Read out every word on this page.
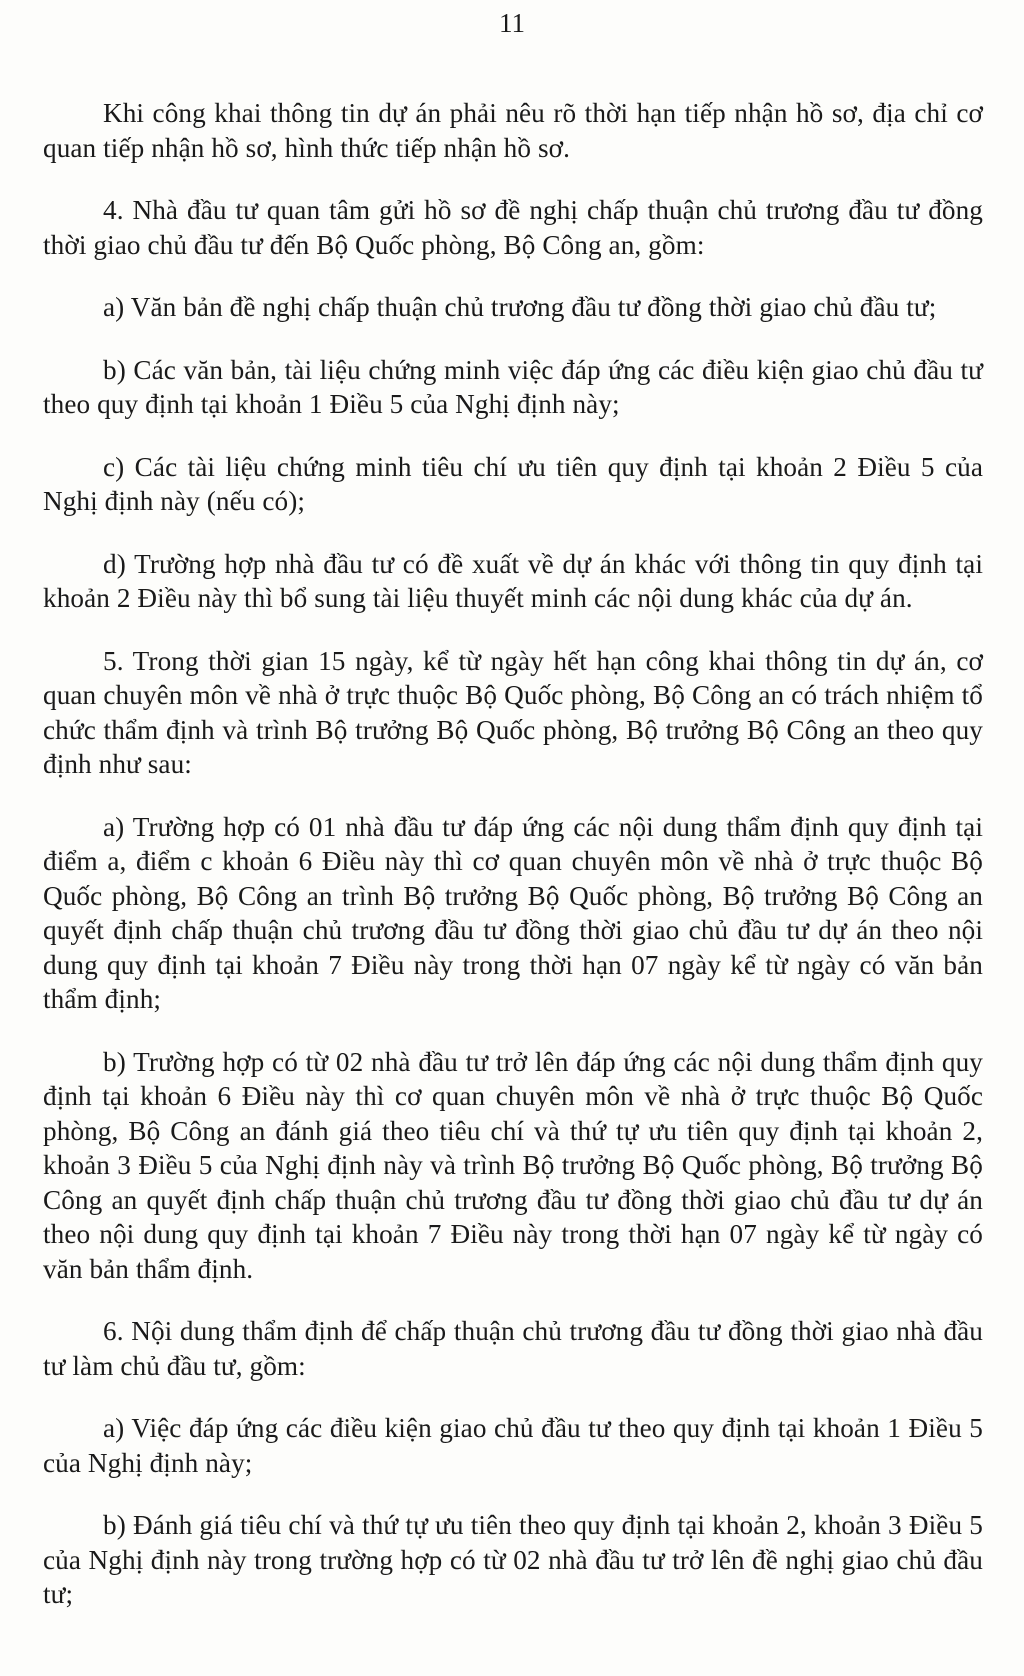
11

Khi công khai thông tin dự án phải nêu rõ thời hạn tiếp nhận hồ sơ, địa chỉ cơ quan tiếp nhận hồ sơ, hình thức tiếp nhận hồ sơ.

4. Nhà đầu tư quan tâm gửi hồ sơ đề nghị chấp thuận chủ trương đầu tư đồng thời giao chủ đầu tư đến Bộ Quốc phòng, Bộ Công an, gồm:

a) Văn bản đề nghị chấp thuận chủ trương đầu tư đồng thời giao chủ đầu tư;

b) Các văn bản, tài liệu chứng minh việc đáp ứng các điều kiện giao chủ đầu tư theo quy định tại khoản 1 Điều 5 của Nghị định này;

c) Các tài liệu chứng minh tiêu chí ưu tiên quy định tại khoản 2 Điều 5 của Nghị định này (nếu có);

d) Trường hợp nhà đầu tư có đề xuất về dự án khác với thông tin quy định tại khoản 2 Điều này thì bổ sung tài liệu thuyết minh các nội dung khác của dự án.

5. Trong thời gian 15 ngày, kể từ ngày hết hạn công khai thông tin dự án, cơ quan chuyên môn về nhà ở trực thuộc Bộ Quốc phòng, Bộ Công an có trách nhiệm tổ chức thẩm định và trình Bộ trưởng Bộ Quốc phòng, Bộ trưởng Bộ Công an theo quy định như sau:

a) Trường hợp có 01 nhà đầu tư đáp ứng các nội dung thẩm định quy định tại điểm a, điểm c khoản 6 Điều này thì cơ quan chuyên môn về nhà ở trực thuộc Bộ Quốc phòng, Bộ Công an trình Bộ trưởng Bộ Quốc phòng, Bộ trưởng Bộ Công an quyết định chấp thuận chủ trương đầu tư đồng thời giao chủ đầu tư dự án theo nội dung quy định tại khoản 7 Điều này trong thời hạn 07 ngày kể từ ngày có văn bản thẩm định;

b) Trường hợp có từ 02 nhà đầu tư trở lên đáp ứng các nội dung thẩm định quy định tại khoản 6 Điều này thì cơ quan chuyên môn về nhà ở trực thuộc Bộ Quốc phòng, Bộ Công an đánh giá theo tiêu chí và thứ tự ưu tiên quy định tại khoản 2, khoản 3 Điều 5 của Nghị định này và trình Bộ trưởng Bộ Quốc phòng, Bộ trưởng Bộ Công an quyết định chấp thuận chủ trương đầu tư đồng thời giao chủ đầu tư dự án theo nội dung quy định tại khoản 7 Điều này trong thời hạn 07 ngày kể từ ngày có văn bản thẩm định.

6. Nội dung thẩm định để chấp thuận chủ trương đầu tư đồng thời giao nhà đầu tư làm chủ đầu tư, gồm:

a) Việc đáp ứng các điều kiện giao chủ đầu tư theo quy định tại khoản 1 Điều 5 của Nghị định này;

b) Đánh giá tiêu chí và thứ tự ưu tiên theo quy định tại khoản 2, khoản 3 Điều 5 của Nghị định này trong trường hợp có từ 02 nhà đầu tư trở lên đề nghị giao chủ đầu tư;
